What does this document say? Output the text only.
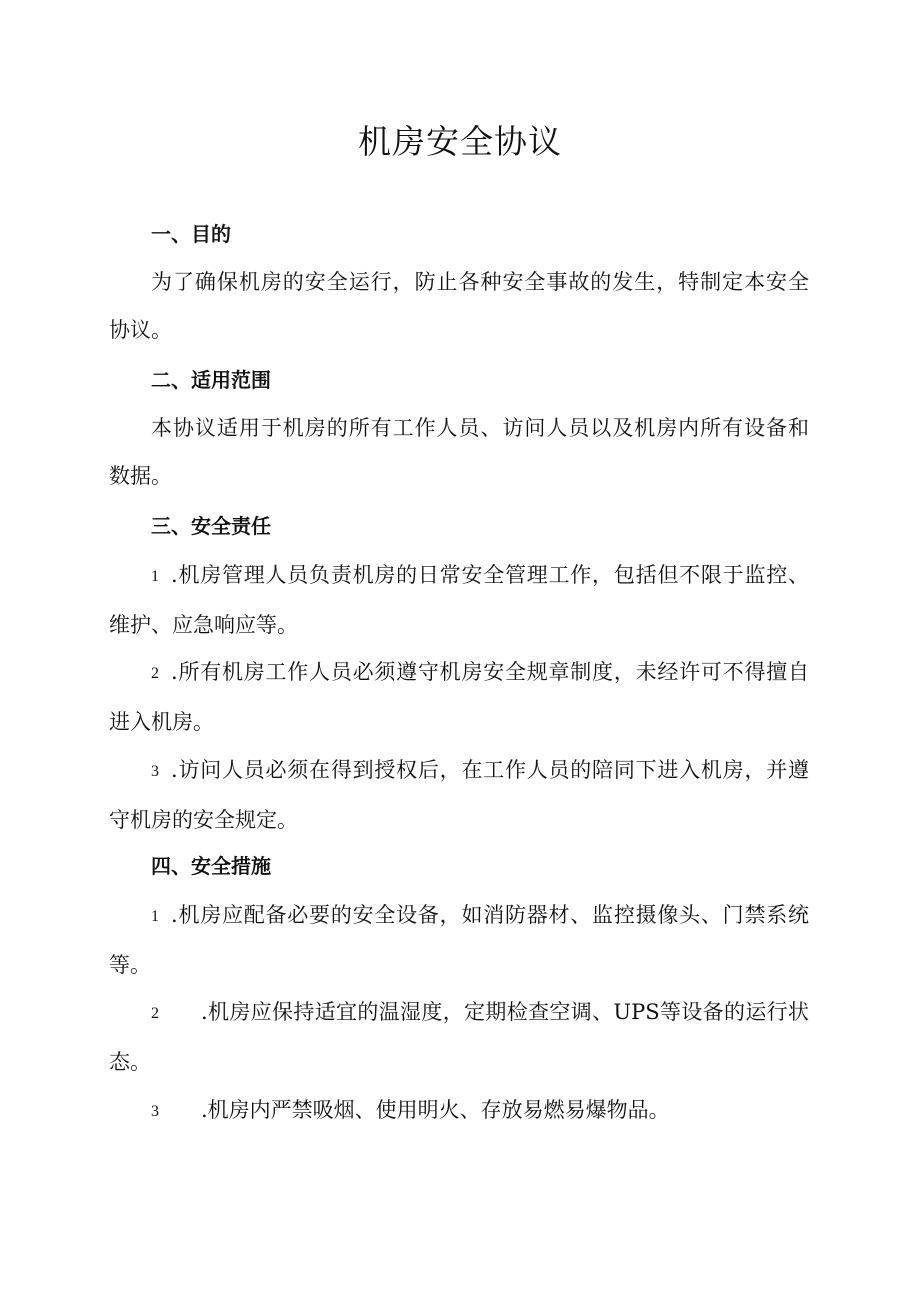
机房安全协议
一、目的
为了确保机房的安全运行，防止各种安全事故的发生，特制定本安全
协议。
二、适用范围
本协议适用于机房的所有工作人员、访问人员以及机房内所有设备和
数据。
三、安全责任
1 .机房管理人员负责机房的日常安全管理工作，包括但不限于监控、
维护、应急响应等。
2 .所有机房工作人员必须遵守机房安全规章制度，未经许可不得擅自
进入机房。
3 .访问人员必须在得到授权后，在工作人员的陪同下进入机房，并遵
守机房的安全规定。
四、安全措施
1 .机房应配备必要的安全设备，如消防器材、监控摄像头、门禁系统
等。
2 .机房应保持适宜的温湿度，定期检查空调、UPS等设备的运行状
态。
3 .机房内严禁吸烟、使用明火、存放易燃易爆物品。
